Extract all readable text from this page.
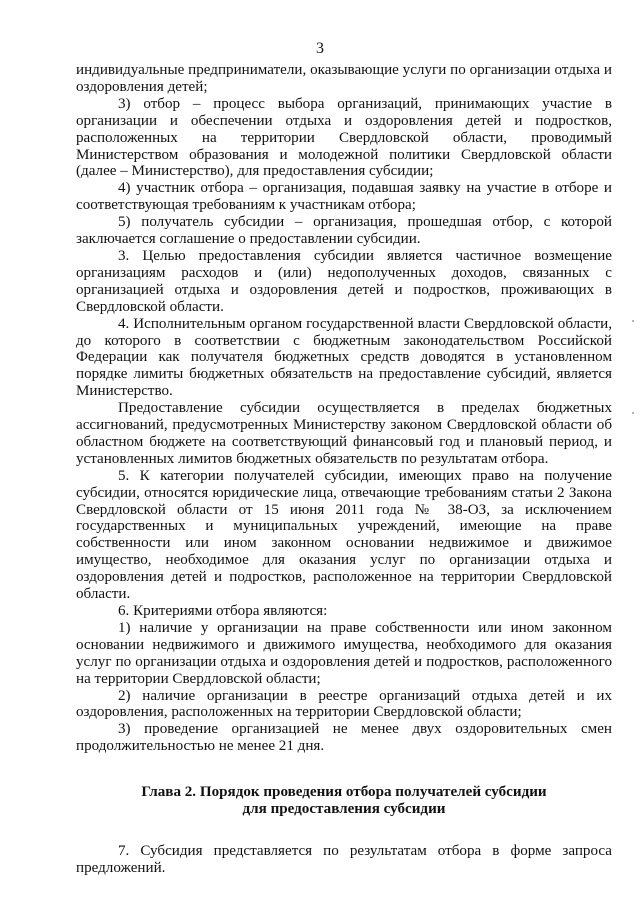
3

индивидуальные предприниматели, оказывающие услуги по организации отдыха и оздоровления детей;

3) отбор – процесс выбора организаций, принимающих участие в организации и обеспечении отдыха и оздоровления детей и подростков, расположенных на территории Свердловской области, проводимый Министерством образования и молодежной политики Свердловской области (далее – Министерство), для предоставления субсидии;

4) участник отбора – организация, подавшая заявку на участие в отборе и соответствующая требованиям к участникам отбора;

5) получатель субсидии – организация, прошедшая отбор, с которой заключается соглашение о предоставлении субсидии.

3. Целью предоставления субсидии является частичное возмещение организациям расходов и (или) недополученных доходов, связанных с организацией отдыха и оздоровления детей и подростков, проживающих в Свердловской области.

4. Исполнительным органом государственной власти Свердловской области, до которого в соответствии с бюджетным законодательством Российской Федерации как получателя бюджетных средств доводятся в установленном порядке лимиты бюджетных обязательств на предоставление субсидий, является Министерство.

Предоставление субсидии осуществляется в пределах бюджетных ассигнований, предусмотренных Министерству законом Свердловской области об областном бюджете на соответствующий финансовый год и плановый период, и установленных лимитов бюджетных обязательств по результатам отбора.

5. К категории получателей субсидии, имеющих право на получение субсидии, относятся юридические лица, отвечающие требованиям статьи 2 Закона Свердловской области от 15 июня 2011 года № 38-ОЗ, за исключением государственных и муниципальных учреждений, имеющие на праве собственности или ином законном основании недвижимое и движимое имущество, необходимое для оказания услуг по организации отдыха и оздоровления детей и подростков, расположенное на территории Свердловской области.

6. Критериями отбора являются:

1) наличие у организации на праве собственности или ином законном основании недвижимого и движимого имущества, необходимого для оказания услуг по организации отдыха и оздоровления детей и подростков, расположенного на территории Свердловской области;

2) наличие организации в реестре организаций отдыха детей и их оздоровления, расположенных на территории Свердловской области;

3) проведение организацией не менее двух оздоровительных смен продолжительностью не менее 21 дня.

Глава 2. Порядок проведения отбора получателей субсидии
для предоставления субсидии

7. Субсидия представляется по результатам отбора в форме запроса предложений.
